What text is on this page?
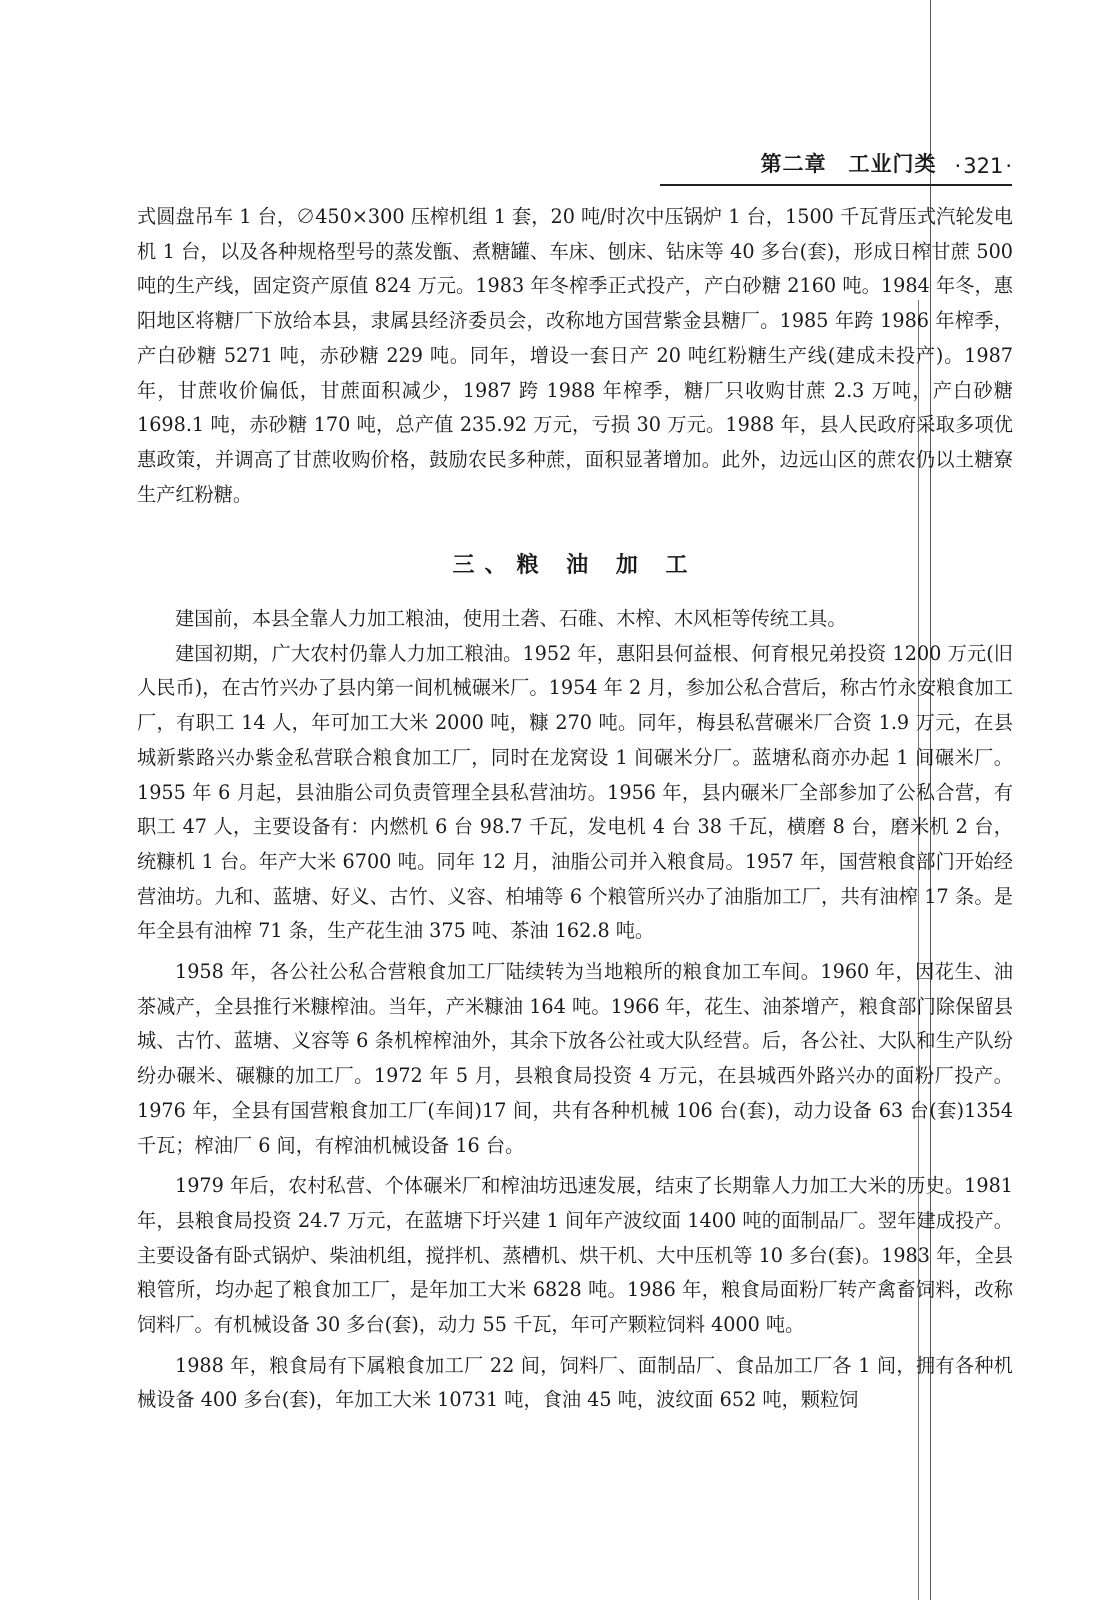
第二章 工业门类
·	321 ·

式圆盘吊车 1 台，∅450×300 压榨机组 1 套，20 吨/时次中压锅炉 1 台，1500 千瓦背压式汽轮发电机 1 台，以及各种规格型号的蒸发甑、煮糖罐、车床、刨床、钻床等 40 多台(套)，形成日榨甘蔗 500 吨的生产线，固定资产原值 824 万元。1983 年冬榨季正式投产，产白砂糖 2160 吨。1984 年冬，惠阳地区将糖厂下放给本县，隶属县经济委员会，改称地方国营紫金县糖厂。1985 年跨 1986 年榨季，产白砂糖 5271 吨，赤砂糖 229 吨。同年，增设一套日产 20 吨红粉糖生产线(建成未投产)。1987 年，甘蔗收价偏低，甘蔗面积减少，1987 跨 1988 年榨季，糖厂只收购甘蔗 2.3 万吨，产白砂糖 1698.1 吨，赤砂糖 170 吨，总产值 235.92 万元，亏损 30 万元。1988 年，县人民政府采取多项优惠政策，并调高了甘蔗收购价格，鼓励农民多种蔗，面积显著增加。此外，边远山区的蔗农仍以土糖寮生产红粉糖。

三、粮 油 加 工

建国前，本县全靠人力加工粮油，使用土砻、石碓、木榨、木风柜等传统工具。

建国初期，广大农村仍靠人力加工粮油。1952 年，惠阳县何益根、何育根兄弟投资 1200 万元(旧人民币)，在古竹兴办了县内第一间机械碾米厂。1954 年 2 月，参加公私合营后，称古竹永安粮食加工厂，有职工 14 人，年可加工大米 2000 吨，糠 270 吨。同年，梅县私营碾米厂合资 1.9 万元，在县城新紫路兴办紫金私营联合粮食加工厂，同时在龙窝设 1 间碾米分厂。蓝塘私商亦办起 1 间碾米厂。1955 年 6 月起，县油脂公司负责管理全县私营油坊。1956 年，县内碾米厂全部参加了公私合营，有职工 47 人，主要设备有：内燃机 6 台 98.7 千瓦，发电机 4 台 38 千瓦，横磨 8 台，磨米机 2 台，统糠机 1 台。年产大米 6700 吨。同年 12 月，油脂公司并入粮食局。1957 年，国营粮食部门开始经营油坊。九和、蓝塘、好义、古竹、义容、柏埔等 6 个粮管所兴办了油脂加工厂，共有油榨 17 条。是年全县有油榨 71 条，生产花生油 375 吨、茶油 162.8 吨。

1958 年，各公社公私合营粮食加工厂陆续转为当地粮所的粮食加工车间。1960 年，因花生、油茶减产，全县推行米糠榨油。当年，产米糠油 164 吨。1966 年，花生、油茶增产，粮食部门除保留县城、古竹、蓝塘、义容等 6 条机榨榨油外，其余下放各公社或大队经营。后，各公社、大队和生产队纷纷办碾米、碾糠的加工厂。1972 年 5 月，县粮食局投资 4 万元，在县城西外路兴办的面粉厂投产。1976 年，全县有国营粮食加工厂(车间)17 间，共有各种机械 106 台(套)，动力设备 63 台(套)1354 千瓦；榨油厂 6 间，有榨油机械设备 16 台。

1979 年后，农村私营、个体碾米厂和榨油坊迅速发展，结束了长期靠人力加工大米的历史。1981 年，县粮食局投资 24.7 万元，在蓝塘下圩兴建 1 间年产波纹面 1400 吨的面制品厂。翌年建成投产。主要设备有卧式锅炉、柴油机组，搅拌机、蒸槽机、烘干机、大中压机等 10 多台(套)。1983 年，全县粮管所，均办起了粮食加工厂，是年加工大米 6828 吨。1986 年，粮食局面粉厂转产禽畜饲料，改称饲料厂。有机械设备 30 多台(套)，动力 55 千瓦，年可产颗粒饲料 4000 吨。

1988 年，粮食局有下属粮食加工厂 22 间，饲料厂、面制品厂、食品加工厂各 1 间，拥有各种机械设备 400 多台(套)，年加工大米 10731 吨，食油 45 吨，波纹面 652 吨，颗粒饲
